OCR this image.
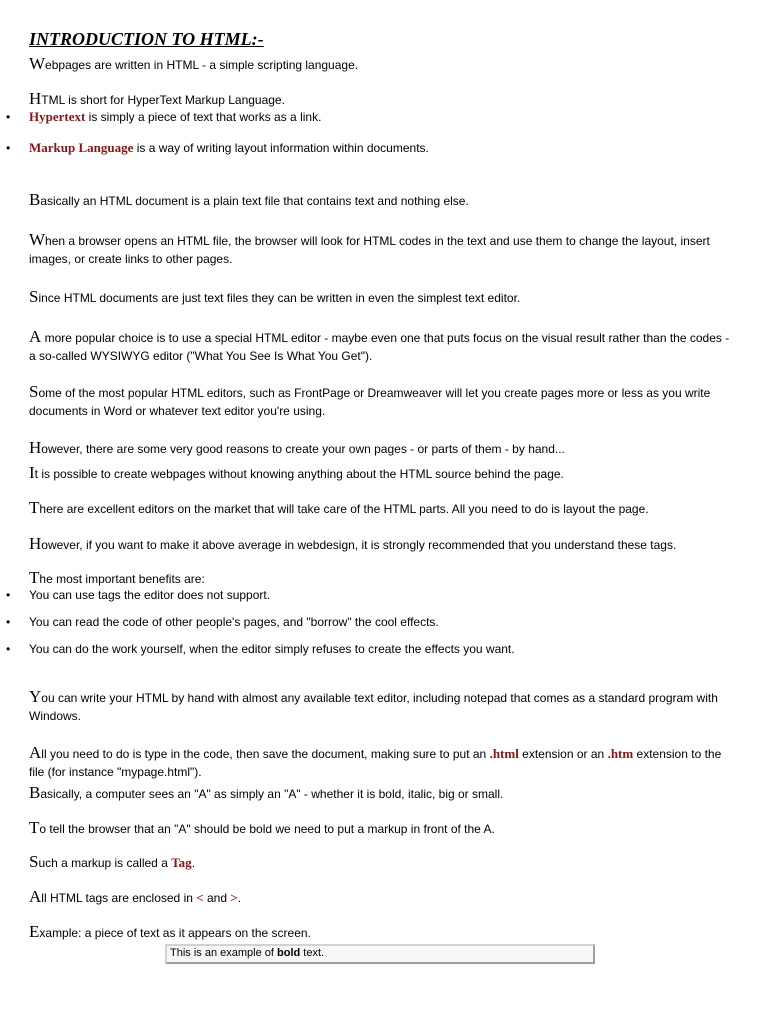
INTRODUCTION TO HTML:-

Webpages are written in HTML - a simple scripting language.

HTML is short for HyperText Markup Language.

• Hypertext is simply a piece of text that works as a link.

• Markup Language is a way of writing layout information within documents.

Basically an HTML document is a plain text file that contains text and nothing else.

When a browser opens an HTML file, the browser will look for HTML codes in the text and use them to change the layout, insert images, or create links to other pages.

Since HTML documents are just text files they can be written in even the simplest text editor.

A more popular choice is to use a special HTML editor - maybe even one that puts focus on the visual result rather than the codes - a so-called WYSIWYG editor ("What You See Is What You Get").

Some of the most popular HTML editors, such as FrontPage or Dreamweaver will let you create pages more or less as you write documents in Word or whatever text editor you're using.

However, there are some very good reasons to create your own pages - or parts of them - by hand...

It is possible to create webpages without knowing anything about the HTML source behind the page.

There are excellent editors on the market that will take care of the HTML parts. All you need to do is layout the page.

However, if you want to make it above average in webdesign, it is strongly recommended that you understand these tags.

The most important benefits are:

• You can use tags the editor does not support.

• You can read the code of other people's pages, and "borrow" the cool effects.

• You can do the work yourself, when the editor simply refuses to create the effects you want.

You can write your HTML by hand with almost any available text editor, including notepad that comes as a standard program with Windows.

All you need to do is type in the code, then save the document, making sure to put an .html extension or an .htm extension to the file (for instance "mypage.html").

Basically, a computer sees an "A" as simply an "A" - whether it is bold, italic, big or small.

To tell the browser that an "A" should be bold we need to put a markup in front of the A.

Such a markup is called a Tag.

All HTML tags are enclosed in < and >.

Example: a piece of text as it appears on the screen.

This is an example of bold text.
